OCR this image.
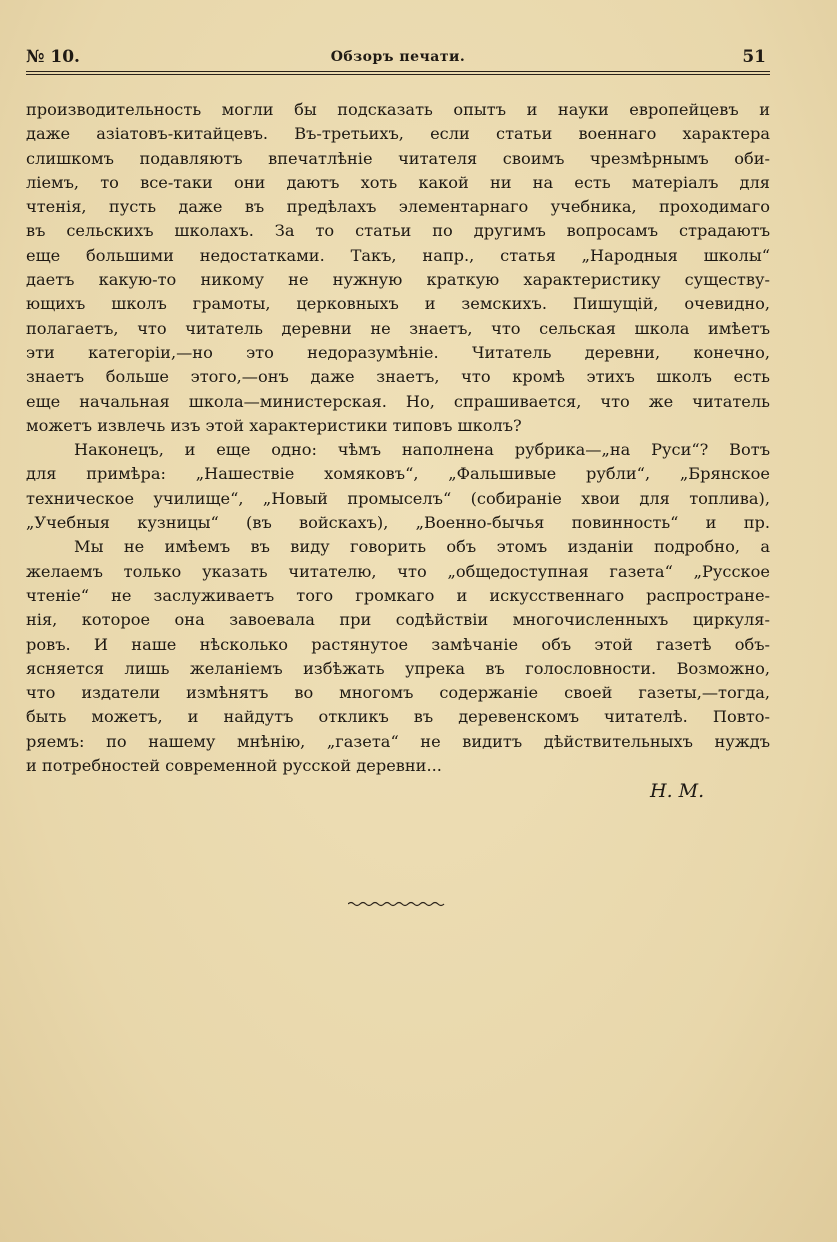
№ 10.	Обзоръ печати.	51
производительность могли бы подсказать опытъ и науки европейцевъ и
даже азіатовъ-китайцевъ. Въ-третьихъ, если статьи военнаго характера
слишкомъ подавляютъ впечатлѣніе читателя своимъ чрезмѣрнымъ оби-
ліемъ, то все-таки они даютъ хоть какой ни на есть матеріалъ для
чтенія, пусть даже въ предѣлахъ элементарнаго учебника, проходимаго
въ сельскихъ школахъ. За то статьи по другимъ вопросамъ страдаютъ
еще большими недостатками. Такъ, напр., статья „Народныя школы“
даетъ какую-то никому не нужную краткую характеристику существу-
ющихъ школъ грамоты, церковныхъ и земскихъ. Пишущій, очевидно,
полагаетъ, что читатель деревни не знаетъ, что сельская школа имѣетъ
эти категоріи,—но это недоразумѣніе. Читатель деревни, конечно,
знаетъ больше этого,—онъ даже знаетъ, что кромѣ этихъ школъ есть
еще начальная школа—министерская. Но, спрашивается, что же читатель
можетъ извлечь изъ этой характеристики типовъ школъ?
Наконецъ, и еще одно: чѣмъ наполнена рубрика—„на Руси“? Вотъ
для примѣра: „Нашествіе хомяковъ“, „Фальшивые рубли“, „Брянское
техническое училище“, „Новый промыселъ“ (собираніе хвои для топлива),
„Учебныя кузницы“ (въ войскахъ), „Военно-бычья повинность“ и пр.
Мы не имѣемъ въ виду говорить объ этомъ изданіи подробно, а
желаемъ только указать читателю, что „общедоступная газета“ „Русское
чтеніе“ не заслуживаетъ того громкаго и искусственнаго распростране-
нія, которое она завоевала при содѣйствіи многочисленныхъ циркуля-
ровъ. И наше нѣсколько растянутое замѣчаніе объ этой газетѣ объ-
ясняется лишь желаніемъ избѣжать упрека въ голословности. Возможно,
что издатели измѣнятъ во многомъ содержаніе своей газеты,—тогда,
быть можетъ, и найдутъ откликъ въ деревенскомъ читателѣ. Повто-
ряемъ: по нашему мнѣнію, „газета“ не видитъ дѣйствительныхъ нуждъ
и потребностей современной русской деревни...
Н. М.
